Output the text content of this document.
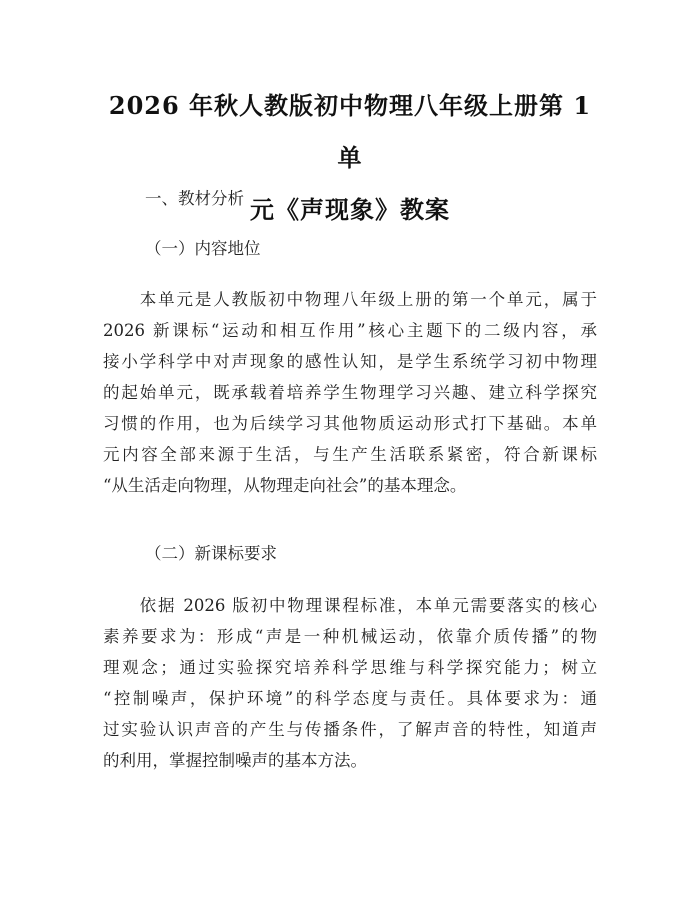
2026 年秋人教版初中物理八年级上册第 1 单
元《声现象》教案
一、教材分析
（一）内容地位
　　本单元是人教版初中物理八年级上册的第一个单元，属于
2026 新课标“运动和相互作用”核心主题下的二级内容，承
接小学科学中对声现象的感性认知，是学生系统学习初中物理
的起始单元，既承载着培养学生物理学习兴趣、建立科学探究
习惯的作用，也为后续学习其他物质运动形式打下基础。本单
元内容全部来源于生活，与生产生活联系紧密，符合新课标
“从生活走向物理，从物理走向社会”的基本理念。
（二）新课标要求
　　依据 2026 版初中物理课程标准，本单元需要落实的核心
素养要求为：形成“声是一种机械运动，依靠介质传播”的物
理观念；通过实验探究培养科学思维与科学探究能力；树立
“控制噪声，保护环境”的科学态度与责任。具体要求为：通
过实验认识声音的产生与传播条件，了解声音的特性，知道声
的利用，掌握控制噪声的基本方法。
